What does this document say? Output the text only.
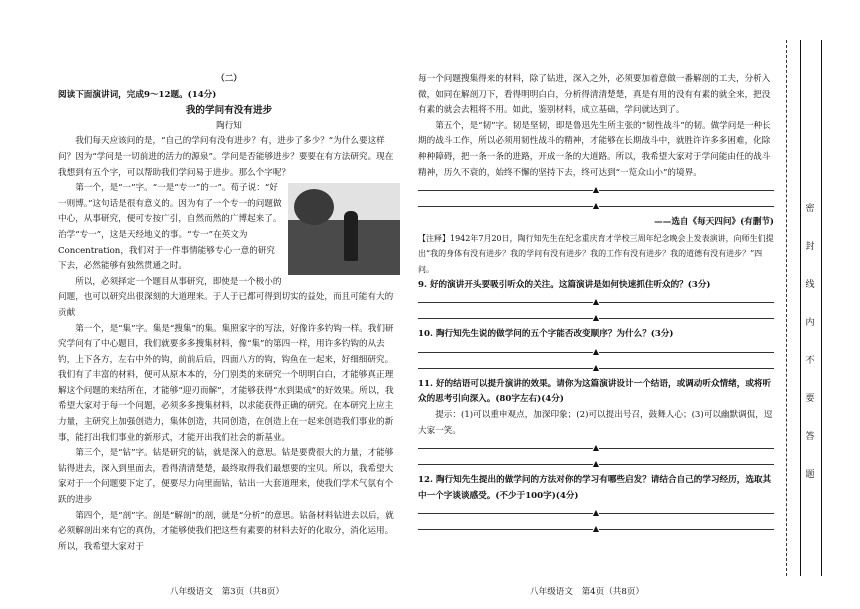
（二）

阅读下面演讲词，完成9～12题。(14分)

我的学问有没有进步

陶行知

我们每天应该问的是，“自己的学问有没有进步？有，进步了多少？”为什么要这样问？因为“学问是一切前进的活力的源泉”。学问是否能够进步？要要在有方法研究。现在我想到有五个字，可以帮助我们学问易于进步。那么个字呢？

第一个，是“一”字。“一是“专一”的一”。荀子说：“好一则博。”这句话是很有意义的。因为有了一个专一的问题做中心，从事研究，便可专按广引，自然而然的广博起来了。治学“专一”，这是天经地义的事。“专一”在英文为 Concentration，我们对于一件事情能够专心一意的研究下去，必然能够有独然贯通之时。

所以，必须择定一个题目从事研究，即使是一个极小的问题，也可以研究出很深刻的大道理来。于人于已都可得到切实的益处，而且可能有大的贡献

第一个，是“集”字。集是“搜集”的集。集照家字的写法，好像许多钓钩一样。我们研究学问有了中心题目，我们就要多多搜集材料，像“集”的第四一样，用许多钓钩的从去钓，上下各方，左右中外的钩，前前后后，四面八方的钩，钩鱼在一起来，好细细研究。我们有了丰富的材料，便可从原本本的，分门别类的来研究一个明明白白，才能够真正理解这个问题的来结所在，才能够“迎刃而解”，才能够获得“水到渠成”的好效果。所以，我希望大家对于每一个问题，必须多多搜集材料，以求能获得正确的研究。在本研究上应主力量，主研究上加强创造力，集体创造，共同创造，在创造上在一起来创造我们事业的新事，能打出我们事业的新形式，才能开出我们社会的新基业。

第三个，是“钻”字。钻是研究的钻，就是深入的意思。钻是要费很大的力量，才能够钻得进去，深入到里面去，看得清清楚楚，最终取得我们最想要的宝贝。所以，我希望大家对于一个问题要下定了，便要尽力向里面钻，钻出一大套道理来，使我们学术气氛有个跃的进步

第四个，是“剖”字。剖是“解剖”的剖，就是“分析”的意思。钻备材料钻进去以后，就必须解剖出来有它的真伪，才能够使我们把这些有素要的材料去好的化取分，消化运用。所以，我希望大家对于

八年级语文　第3页（共8页）

每一个问题搜集得来的材料，除了钻进，深入之外，必须要加着意做一番解剖的工夫，分析入微，如同在解剖刀下，看得明明白白，分析得清清楚楚，真是有用的没有有素的就全来，把没有素的就会去粗将不用。如此，鉴别材料，成立基础，学问就达到了。

第五个，是“韧”字。韧是坚韧，即是鲁迅先生所主张的“韧性战斗”的韧。做学问是一种长期的战斗工作，所以必须用韧性战斗的精神，才能够在长期战斗中，就胜许许多多困难，化除种种障碍，把一条一条的进路，开成一条的大道路。所以，我希望大家对于学问能由任的战斗精神，历久不衰的，始终不懈的坚持下去，终可达到“一览众山小”的境界。

▲
▲

——选自《每天四问》(有删节)

【注释】1942年7月20日，陶行知先生在纪念重庆育才学校三周年纪念晚会上发表演讲，向师生们提出“我的身体有没有进步？我的学问有没有进步？我的工作有没有进步？我的道德有没有进步？”四问。

9. 好的演讲开头要吸引听众的关注。这篇演讲是如何快速抓住听众的？(3分)

▲
▲

10. 陶行知先生说的做学问的五个字能否改变顺序？为什么？(3分)

▲
▲

11. 好的结语可以提升演讲的效果。请你为这篇演讲设计一个结语，或调动听众情绪，或将听众的思考引向深入。(80字左右)(4分)

提示：(1)可以重申观点，加深印象；(2)可以提出号召，鼓舞人心；(3)可以幽默调侃，逗大家一笑。

▲
▲

12. 陶行知先生提出的做学问的方法对你的学习有哪些启发？请结合自己的学习经历，选取其中一个字谈谈感受。(不少于100字)(4分)

▲
▲
八年级语文　第4页（共8页）
密
封
线
内
不
要
答
题
